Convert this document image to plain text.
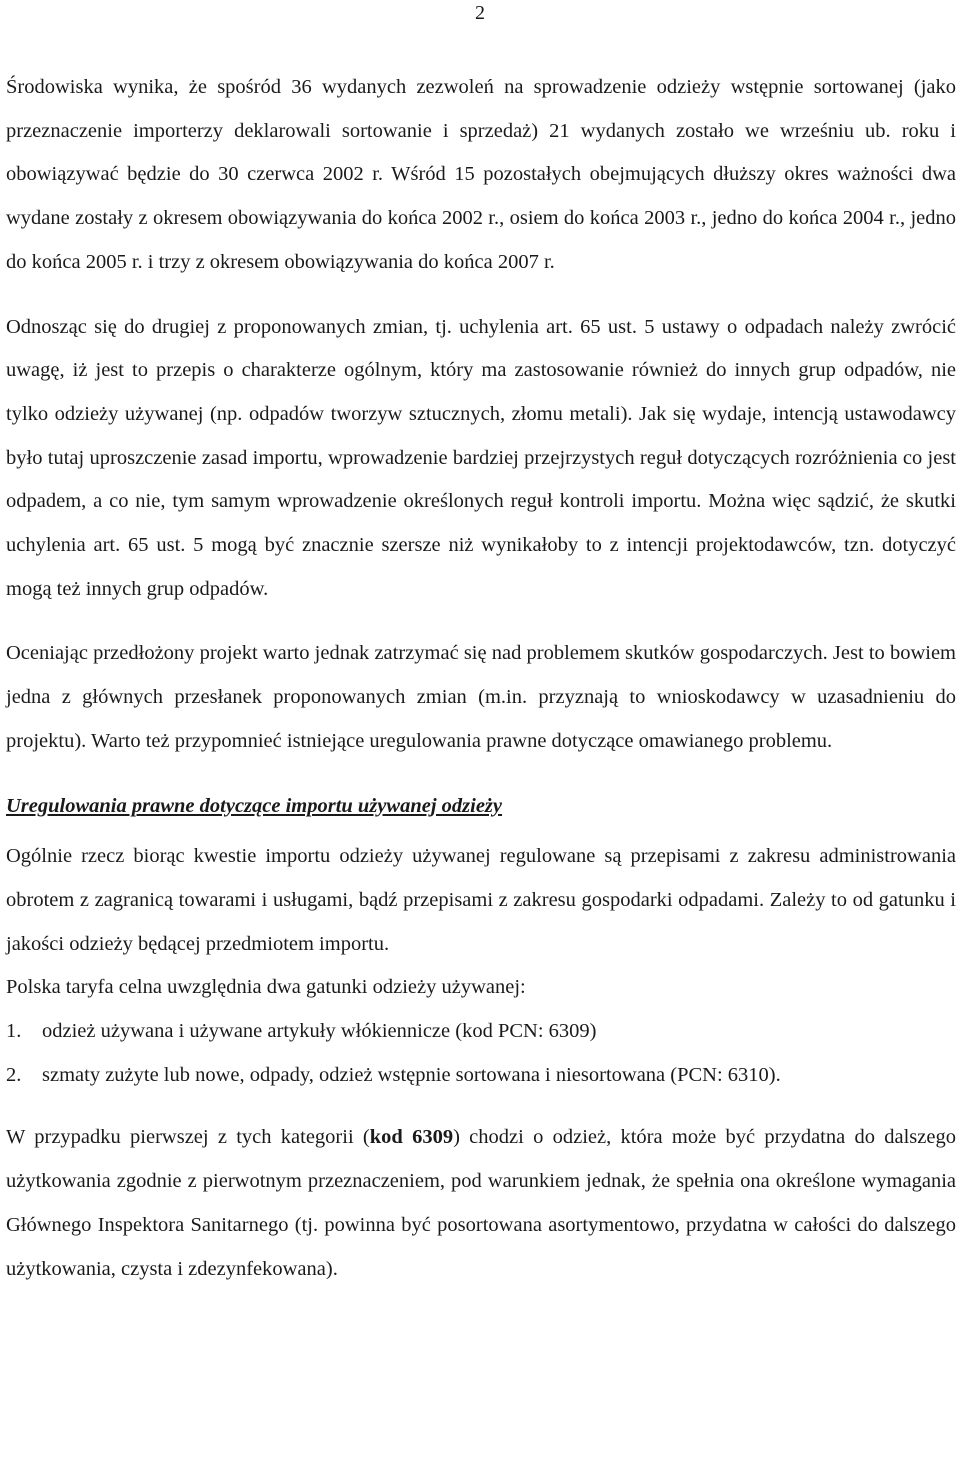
2

Środowiska wynika, że spośród 36 wydanych zezwoleń na sprowadzenie odzieży wstępnie sortowanej (jako przeznaczenie importerzy deklarowali sortowanie i sprzedaż) 21 wydanych zostało we wrześniu ub. roku i obowiązywać będzie do 30 czerwca 2002 r. Wśród 15 pozostałych obejmujących dłuższy okres ważności dwa wydane zostały z okresem obowiązywania do końca 2002 r., osiem do końca 2003 r., jedno do końca 2004 r., jedno do końca 2005 r. i trzy z okresem obowiązywania do końca 2007 r.

Odnosząc się do drugiej z proponowanych zmian, tj. uchylenia art. 65 ust. 5 ustawy o odpadach należy zwrócić uwagę, iż jest to przepis o charakterze ogólnym, który ma zastosowanie również do innych grup odpadów, nie tylko odzieży używanej (np. odpadów tworzyw sztucznych, złomu metali). Jak się wydaje, intencją ustawodawcy było tutaj uproszczenie zasad importu, wprowadzenie bardziej przejrzystych reguł dotyczących rozróżnienia co jest odpadem, a co nie, tym samym wprowadzenie określonych reguł kontroli importu. Można więc sądzić, że skutki uchylenia art. 65 ust. 5 mogą być znacznie szersze niż wynikałoby to z intencji projektodawców, tzn. dotyczyć mogą też innych grup odpadów.

Oceniając przedłożony projekt warto jednak zatrzymać się nad problemem skutków gospodarczych. Jest to bowiem jedna z głównych przesłanek proponowanych zmian (m.in. przyznają to wnioskodawcy w uzasadnieniu do projektu). Warto też przypomnieć istniejące uregulowania prawne dotyczące omawianego problemu.

Uregulowania prawne dotyczące importu używanej odzieży

Ogólnie rzecz biorąc kwestie importu odzieży używanej regulowane są przepisami z zakresu administrowania obrotem z zagranicą towarami i usługami, bądź przepisami z zakresu gospodarki odpadami. Zależy to od gatunku i jakości odzieży będącej przedmiotem importu.

Polska taryfa celna uwzględnia dwa gatunki odzieży używanej:

1.	odzież używana i używane artykuły włókiennicze (kod PCN: 6309)
2.	szmaty zużyte lub nowe, odpady, odzież wstępnie sortowana i niesortowana (PCN: 6310).

W przypadku pierwszej z tych kategorii (kod 6309) chodzi o odzież, która może być przydatna do dalszego użytkowania zgodnie z pierwotnym przeznaczeniem, pod warunkiem jednak, że spełnia ona określone wymagania Głównego Inspektora Sanitarnego (tj. powinna być posortowana asortymentowo, przydatna w całości do dalszego użytkowania, czysta i zdezynfekowana).
